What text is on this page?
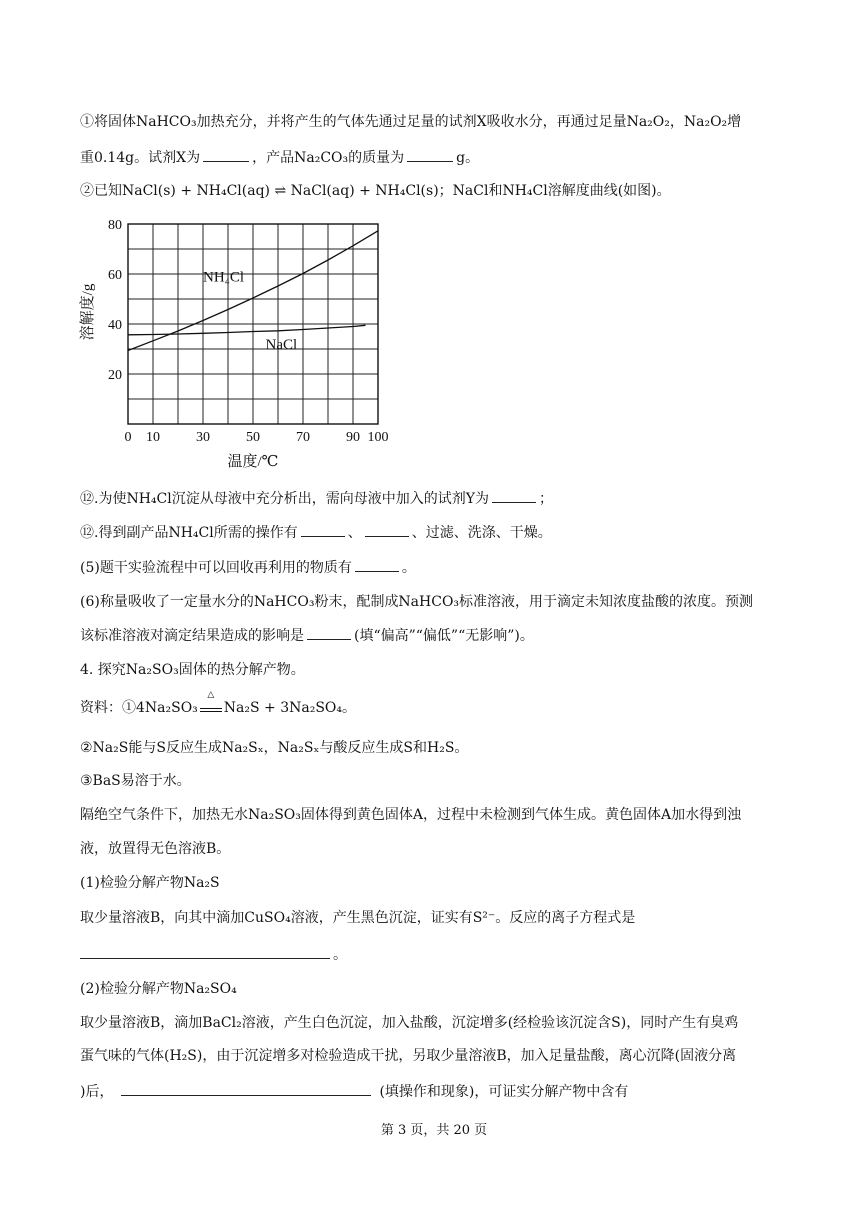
①将固体NaHCO₃加热充分，并将产生的气体先通过足量的试剂X吸收水分，再通过足量Na₂O₂，Na₂O₂增
重0.14g。试剂X为	，产品Na₂CO₃的质量为	g。
②已知NaCl(s) + NH₄Cl(aq) ⇌ NaCl(aq) + NH₄Cl(s)；NaCl和NH₄Cl溶解度曲线(如图)。
0 10	30	50	70	90 100
20
40
60
80
温度/℃
溶解度/g
NH₄Cl
NaCl
⑫.为使NH₄Cl沉淀从母液中充分析出，需向母液中加入的试剂Y为	；
⑫.得到副产品NH₄Cl所需的操作有	、	、过滤、洗涤、干燥。
(5)题干实验流程中可以回收再利用的物质有	。
(6)称量吸收了一定量水分的NaHCO₃粉末，配制成NaHCO₃标准溶液，用于滴定未知浓度盐酸的浓度。预测
该标准溶液对滴定结果造成的影响是	(填“偏高”“偏低”“无影响”)。
4. 探究Na₂SO₃固体的热分解产物。
资料：①4Na₂SO₃
△
Na₂S + 3Na₂SO₄。
②Na₂S能与S反应生成Na₂Sₓ，Na₂Sₓ与酸反应生成S和H₂S。
③BaS易溶于水。
隔绝空气条件下，加热无水Na₂SO₃固体得到黄色固体A，过程中未检测到气体生成。黄色固体A加水得到浊
液，放置得无色溶液B。
(1)检验分解产物Na₂S
取少量溶液B，向其中滴加CuSO₄溶液，产生黑色沉淀，证实有S²⁻。反应的离子方程式是
。
(2)检验分解产物Na₂SO₄
取少量溶液B，滴加BaCl₂溶液，产生白色沉淀，加入盐酸，沉淀增多(经检验该沉淀含S)，同时产生有臭鸡
蛋气味的气体(H₂S)，由于沉淀增多对检验造成干扰，另取少量溶液B，加入足量盐酸，离心沉降(固液分离
)后，	(填操作和现象)，可证实分解产物中含有
第 3 页，共 20 页
